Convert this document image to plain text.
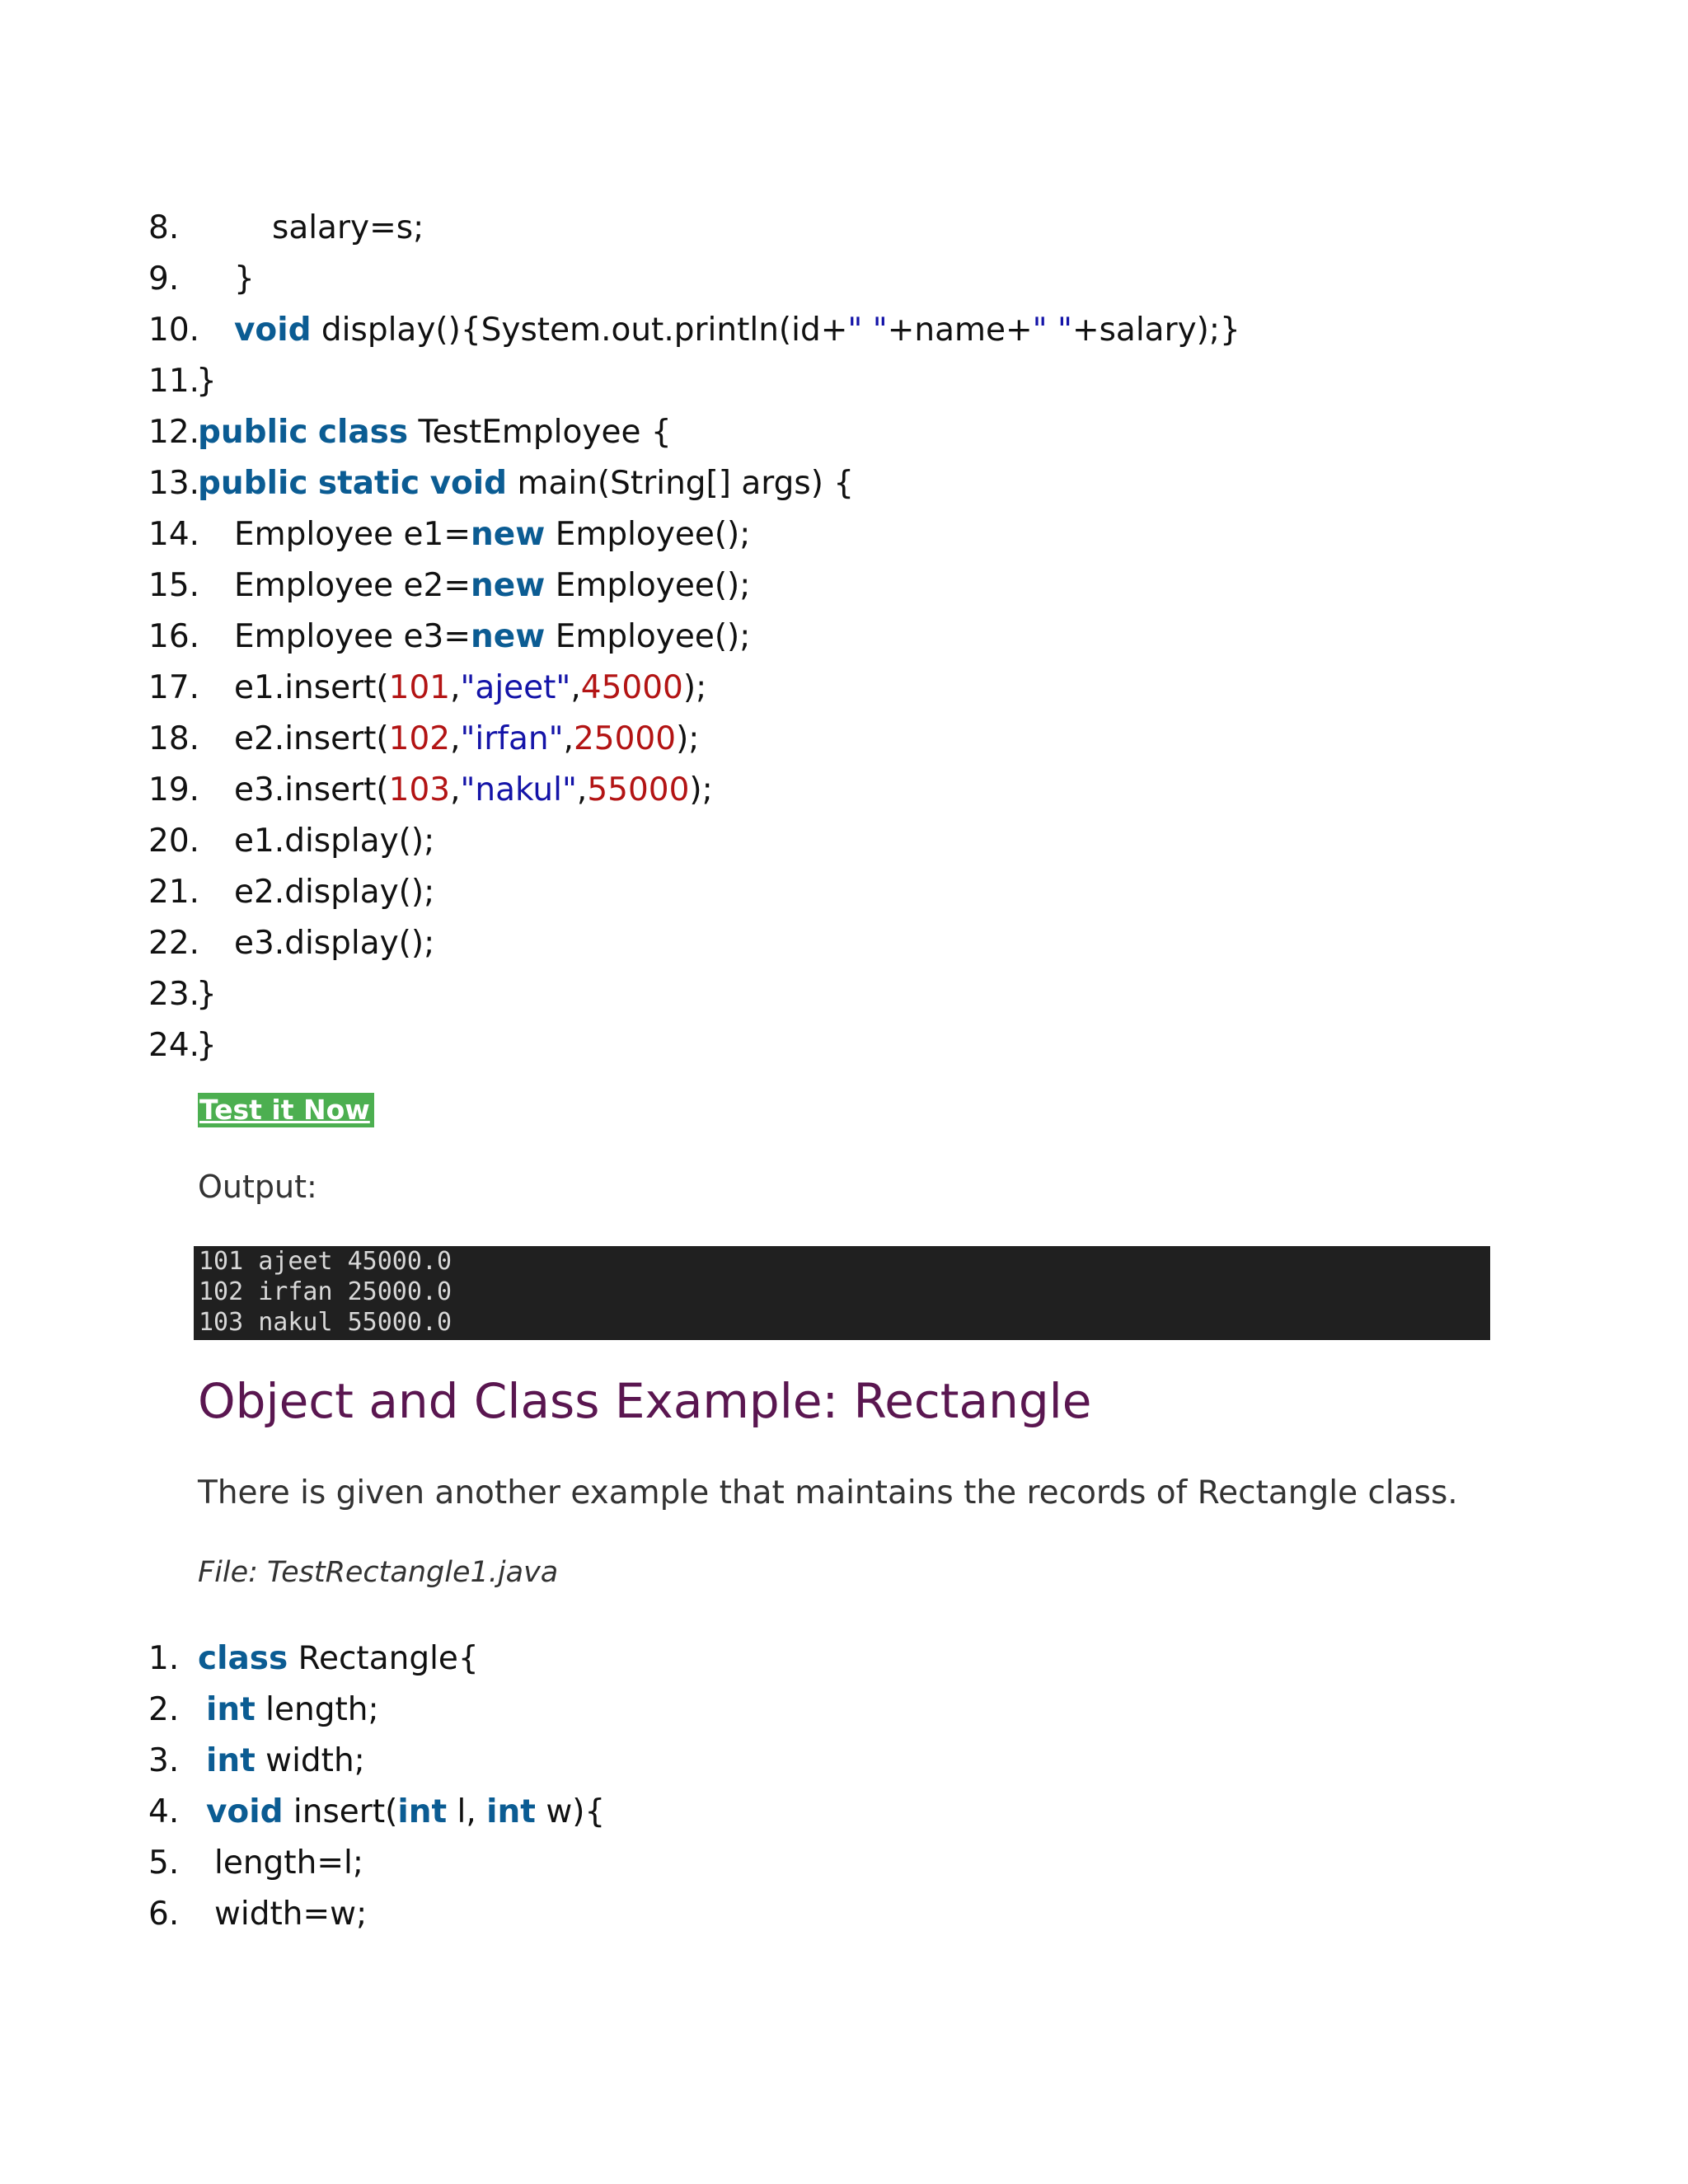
8.	salary=s;
9. }
10. void display(){System.out.println(id+" "+name+" "+salary);}
11.
}
12.
public class TestEmployee {
13.
public static void main(String[] args) {
14. Employee e1=new Employee();
15. Employee e2=new Employee();
16. Employee e3=new Employee();
17. e1.insert(101,"ajeet",45000);
18. e2.insert(102,"irfan",25000);
19. e3.insert(103,"nakul",55000);
20. e1.display();
21. e2.display();
22. e3.display();
23.
}
24.
}
Test it Now
Output:
101 ajeet 45000.0
102 irfan 25000.0
103 nakul 55000.0
Object and Class Example: Rectangle
There is given another example that maintains the records of Rectangle class.
File: TestRectangle1.java
1. class Rectangle{
2. int length;
3. int width;
4. void insert(int l, int w){
5. length=l;
6. width=w;
